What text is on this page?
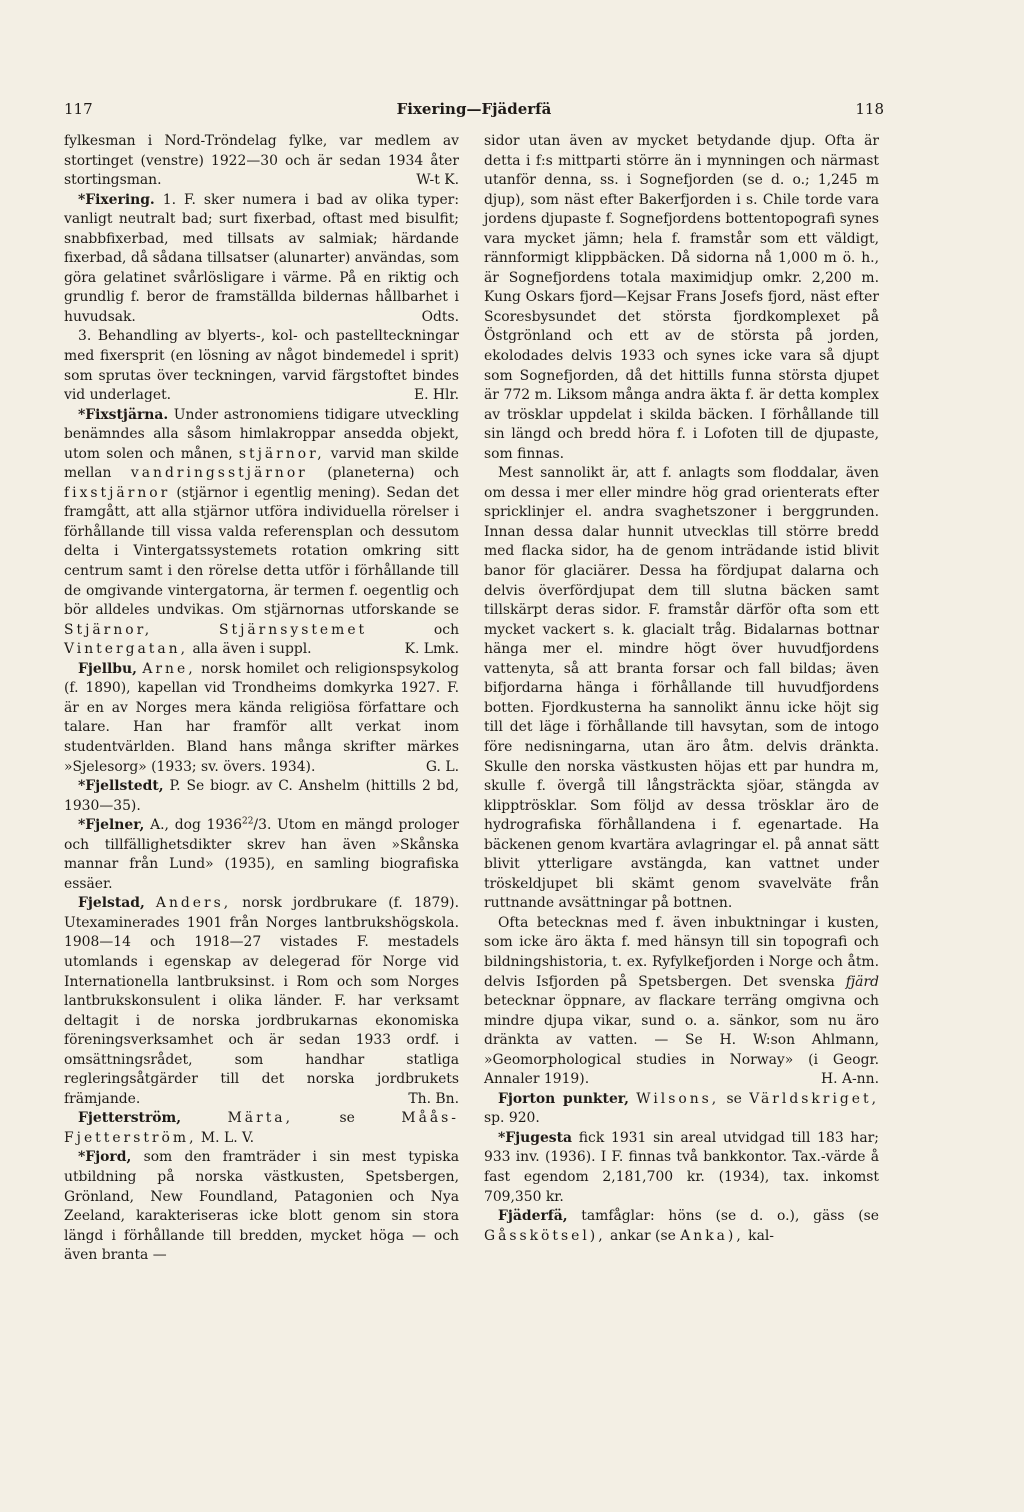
117	Fixering—Fjäderfä	118

fylkesman i Nord-Tröndelag fylke, var medlem av stortinget (venstre) 1922—30 och är sedan 1934 åter stortingsman.	W-t K.

*Fixering. 1. F. sker numera i bad av olika typer: vanligt neutralt bad; surt fixerbad, oftast med bisulfit; snabbfixerbad, med tillsats av salmiak; härdande fixerbad, då sådana tillsatser (alunarter) användas, som göra gelatinet svårlösligare i värme. På en riktig och grundlig f. beror de framställda bildernas hållbarhet i huvudsak.	Odts.

3. Behandling av blyerts-, kol- och pastellteckningar med fixersprit (en lösning av något bindemedel i sprit) som sprutas över teckningen, varvid färgstoftet bindes vid underlaget.	E. Hlr.

*Fixstjärna. Under astronomiens tidigare utveckling benämndes alla såsom himlakroppar ansedda objekt, utom solen och månen, stjärnor, varvid man skilde mellan vandringsstjärnor (planeterna) och fixstjärnor (stjärnor i egentlig mening). Sedan det framgått, att alla stjärnor utföra individuella rörelser i förhållande till vissa valda referensplan och dessutom delta i Vintergatssystemets rotation omkring sitt centrum samt i den rörelse detta utför i förhållande till de omgivande vintergatorna, är termen f. oegentlig och bör alldeles undvikas. Om stjärnornas utforskande se Stjärnor,	Stjärnsystemet	och Vintergatan, alla även i suppl.	K. Lmk.

Fjellbu, Arne, norsk homilet och religionspsykolog (f. 1890), kapellan vid Trondheims domkyrka 1927. F. är en av Norges mera kända religiösa författare och talare. Han har framför allt verkat inom studentvärlden. Bland hans många skrifter märkes »Sjelesorg» (1933; sv. övers. 1934).	G. L.

*Fjellstedt, P. Se biogr. av C. Anshelm (hittills 2 bd, 1930—35).

*Fjelner, A., dog 1936$^{22}$/3. Utom en mängd prologer och tillfällighetsdikter skrev han även »Skånska mannar från Lund» (1935), en samling biografiska essäer.

Fjelstad, Anders, norsk jordbrukare (f. 1879). Utexaminerades 1901 från Norges lantbrukshögskola. 1908—14 och 1918—27 vistades F. mestadels utomlands i egenskap av delegerad för Norge vid Internationella lantbruksinst. i Rom och som Norges lantbrukskonsulent i olika länder. F. har verksamt deltagit i de norska jordbrukarnas ekonomiska föreningsverksamhet och är sedan 1933 ordf. i omsättningsrådet, som handhar statliga regleringsåtgärder till det norska jordbrukets främjande.	Th. Bn.

Fjetterström,	Märta,	se	Måås-Fjetterström, M. L. V.

*Fjord, som den framträder i sin mest typiska utbildning på norska västkusten, Spetsbergen, Grönland, New Foundland, Patagonien och Nya Zeeland, karakteriseras icke blott genom sin stora längd i förhållande till bredden, mycket höga — och även branta —

sidor utan även av mycket betydande djup. Ofta är detta i f:s mittparti större än i mynningen och närmast utanför denna, ss. i Sognefjorden (se d. o.; 1,245 m djup), som näst efter Bakerfjorden i s. Chile torde vara jordens djupaste f. Sognefjordens bottentopografi synes vara mycket jämn; hela f. framstår som ett väldigt, rännformigt klippbäcken. Då sidorna nå 1,000 m ö. h., är Sognefjordens totala maximidjup omkr. 2,200 m. Kung Oskars fjord—Kejsar Frans Josefs fjord, näst efter Scoresbysundet det största fjordkomplexet på Östgrönland och ett av de största på jorden, ekolodades delvis 1933 och synes icke vara så djupt som Sognefjorden, då det hittills funna största djupet är 772 m. Liksom många andra äkta f. är detta komplex av trösklar uppdelat i skilda bäcken. I förhållande till sin längd och bredd höra f. i Lofoten till de djupaste, som finnas.

Mest sannolikt är, att f. anlagts som floddalar, även om dessa i mer eller mindre hög grad orienterats efter spricklinjer el. andra svaghetszoner i berggrunden. Innan dessa dalar hunnit utvecklas till större bredd med flacka sidor, ha de genom inträdande istid blivit banor för glaciärer. Dessa ha fördjupat dalarna och delvis överfördjupat dem till slutna bäcken samt tillskärpt deras sidor. F. framstår därför ofta som ett mycket vackert s. k. glacialt tråg. Bidalarnas bottnar hänga mer el. mindre högt över huvudfjordens vattenyta, så att branta forsar och fall bildas; även bifjordarna hänga i förhållande till huvudfjordens botten. Fjordkusterna ha sannolikt ännu icke höjt sig till det läge i förhållande till havsytan, som de intogo före nedisningarna, utan äro åtm. delvis dränkta. Skulle den norska västkusten höjas ett par hundra m, skulle f. övergå till långsträckta sjöar, stängda av klipptrösklar. Som följd av dessa trösklar äro de hydrografiska förhållandena i f. egenartade. Ha bäckenen genom kvartära avlagringar el. på annat sätt blivit ytterligare avstängda, kan vattnet under tröskeldjupet bli skämt genom svavelväte från ruttnande avsättningar på bottnen.

Ofta betecknas med f. även inbuktningar i kusten, som icke äro äkta f. med hänsyn till sin topografi och bildningshistoria, t. ex. Ryfylkefjorden i Norge och åtm. delvis Isfjorden på Spetsbergen. Det svenska fjärd betecknar öppnare, av flackare terräng omgivna och mindre djupa vikar, sund o. a. sänkor, som nu äro dränkta av vatten. — Se H. W:son Ahlmann, »Geomorphological studies in Norway» (i Geogr. Annaler 1919).	H. A-nn.

Fjorton punkter, Wilsons, se Världskriget, sp. 920.

*Fjugesta fick 1931 sin areal utvidgad till 183 har; 933 inv. (1936). I F. finnas två bankkontor. Tax.-värde å fast egendom 2,181,700 kr. (1934), tax. inkomst 709,350 kr.

Fjäderfä, tamfåglar: höns (se d. o.), gäss (se Gåsskötsel), ankar (se Anka), kal-
